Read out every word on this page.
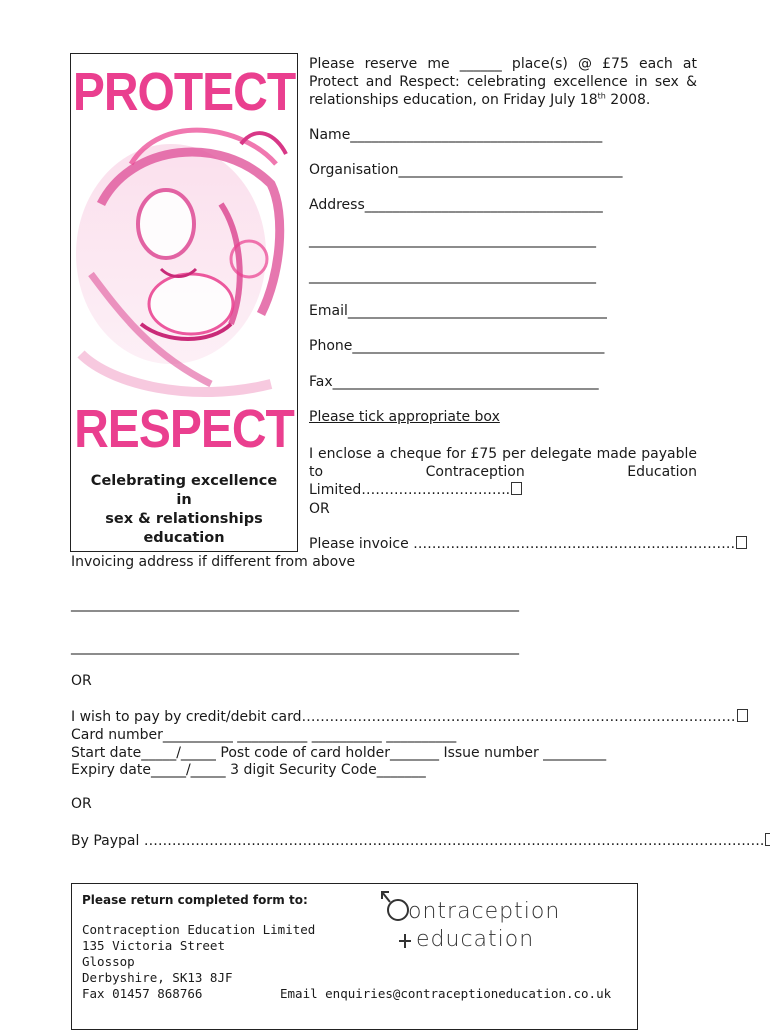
PROTECT
RESPECT
Celebrating excellence
in
sex & relationships
education
Please reserve me ______ place(s) @ £75 each at Protect and Respect: celebrating excellence in sex & relationships education, on Friday July 18th 2008.
Name____________________________________
Organisation________________________________
Address__________________________________
_________________________________________
_________________________________________
Email_____________________________________
Phone____________________________________
Fax______________________________________
Please tick appropriate box
I enclose a cheque for £75 per delegate made payable to Contraception Education Limited…………………………..
OR
Please invoice ……………………………………………………………
Invoicing address if different from above
________________________________________________________________
________________________________________________________________
OR
I wish to pay by credit/debit card…………………………………………………………………………………
Card number__________ __________ __________ __________
Start date_____/_____ Post code of card holder_______ Issue number _________
Expiry date_____/_____ 3 digit Security Code_______
OR
By Paypal …………………………………………………………………………………………………………………….
Please return completed form to:
Contraception Education Limited
135 Victoria Street
Glossop
Derbyshire, SK13 8JF
Fax 01457 868766	Email enquiries@contraceptioneducation.co.uk
ontraception
education
